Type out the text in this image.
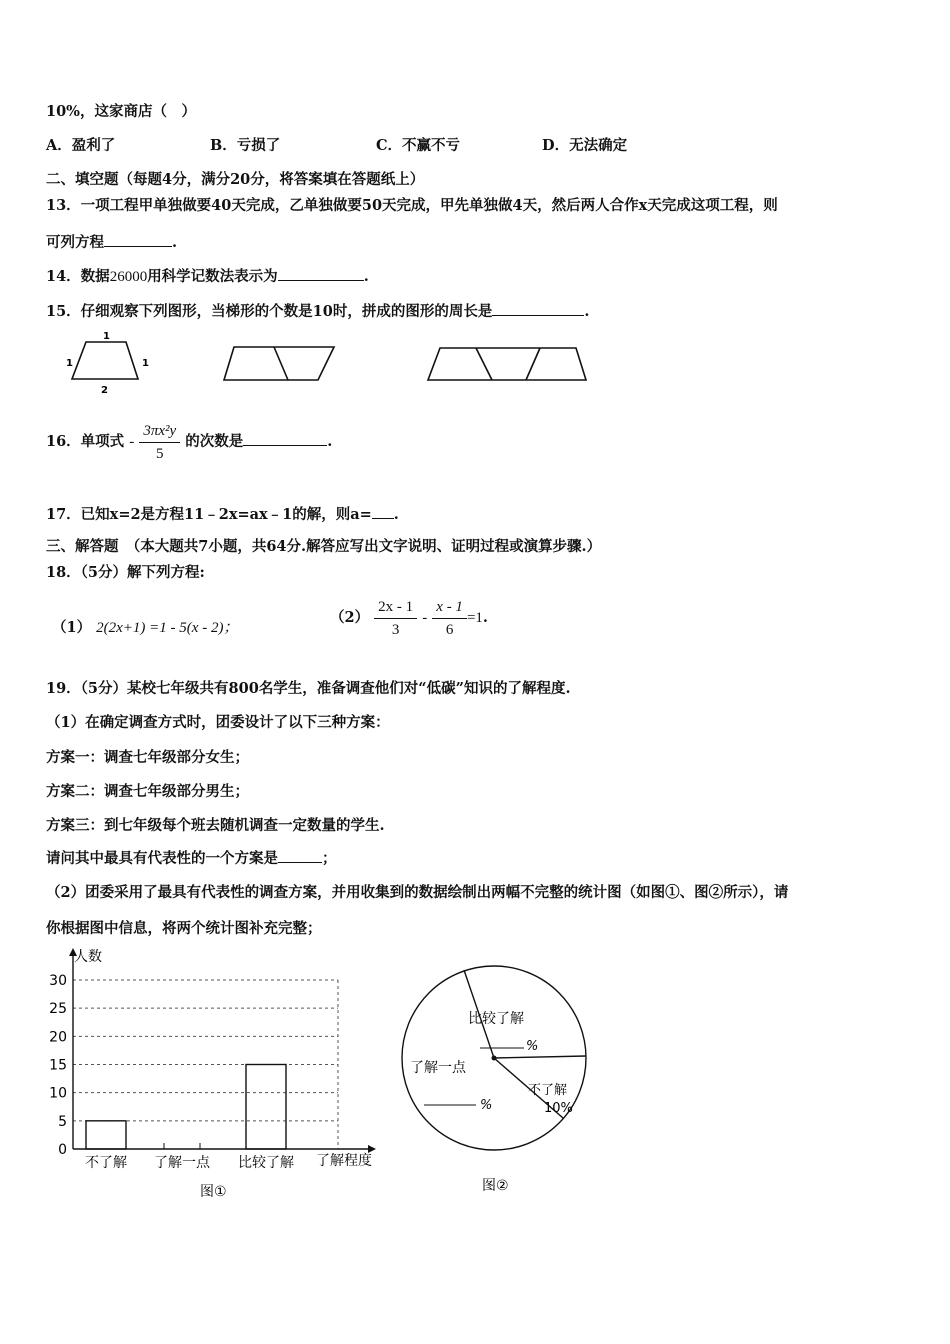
10%，这家商店（　）
A．盈利了	B．亏损了	C．不赢不亏	D．无法确定
二、填空题（每题4分，满分20分，将答案填在答题纸上）
13．一项工程甲单独做要40天完成，乙单独做要50天完成，甲先单独做4天，然后两人合作x天完成这项工程，则
可列方程	.
14．数据26000用科学记数法表示为	.
15．仔细观察下列图形，当梯形的个数是10时，拼成的图形的周长是	.
1
1	1
2
16．单项式 - $\frac{\text{3πx²y}}{5}$ 的次数是	.
17．已知x=2是方程11﹣2x=ax﹣1的解，则a= .
三、解答题　（本大题共7小题，共64分.解答应写出文字说明、证明过程或演算步骤.）
18．（5分）解下列方程:
（1） 2(2x+1) =1 - 5(x - 2)；
$(2) \frac{2x - 1}{3} - \frac{x - 1}{6} =1$.
19．（5分）某校七年级共有800名学生，准备调查他们对“低碳”知识的了解程度.
（1）在确定调查方式时，团委设计了以下三种方案：
方案一：调查七年级部分女生；
方案二：调查七年级部分男生；
方案三：到七年级每个班去随机调查一定数量的学生.
请问其中最具有代表性的一个方案是	；
（2）团委采用了最具有代表性的调查方案，并用收集到的数据绘制出两幅不完整的统计图（如图①、图②所示），请
你根据图中信息，将两个统计图补充完整；
0
5
10
15
20
25
30
不了解 了解一点 比较了解
人数
了解程度
图①
比较了解
%
了解一点
%
不了解
10%
图②
